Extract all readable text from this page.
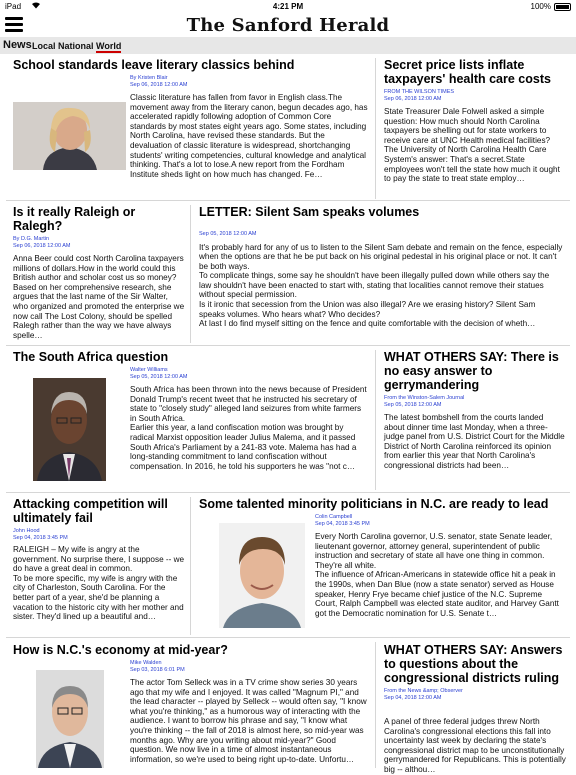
iPad	4:21 PM	100%
The Sanford Herald
News Local National World
School standards leave literary classics behind
By Kristen Blair
Sep 06, 2018 12:00 AM
Classic literature has fallen from favor in English class.The movement away from the literary canon, begun decades ago, has accelerated rapidly following adoption of Common Core standards by most states eight years ago. Some states, including North Carolina, have revised these standards. But the devaluation of classic literature is widespread, shortchanging students' writing competencies, cultural knowledge and analytical thinking. That's a lot to lose.A new report from the Fordham Institute sheds light on how much has changed. Fe…
Secret price lists inflate taxpayers' health care costs
FROM THE WILSON TIMES
Sep 06, 2018 12:00 AM
State Treasurer Dale Folwell asked a simple question: How much should North Carolina taxpayers be shelling out for state workers to receive care at UNC Health medical facilities? The University of North Carolina Health Care System's answer: That's a secret.State employees won't tell the state how much it ought to pay the state to treat state employ…
Is it really Raleigh or Ralegh?
By D.G. Martin
Sep 06, 2018 12:00 AM
Anna Beer could cost North Carolina taxpayers millions of dollars.How in the world could this British author and scholar cost us so money?Based on her comprehensive research, she argues that the last name of the Sir Walter, who organized and promoted the enterprise we now call The Lost Colony, should be spelled Ralegh rather than the way we have always spelle…
LETTER: Silent Sam speaks volumes
Sep 05, 2018 12:00 AM
It's probably hard for any of us to listen to the Silent Sam debate and remain on the fence, especially when the options are that he be put back on his original pedestal in his original place or not. It can't be both ways.
To complicate things, some say he shouldn't have been illegally pulled down while others say the law shouldn't have been enacted to start with, stating that localities cannot remove their statues without special permission.
Is it ironic that secession from the Union was also illegal? Are we erasing history? Silent Sam speaks volumes. Who hears what? Who decides?
At last I do find myself sitting on the fence and quite comfortable with the decision of wheth…
The South Africa question
Walter Williams
Sep 05, 2018 12:00 AM
South Africa has been thrown into the news because of President Donald Trump's recent tweet that he instructed his secretary of state to "closely study" alleged land seizures from white farmers in South Africa.
Earlier this year, a land confiscation motion was brought by radical Marxist opposition leader Julius Malema, and it passed South Africa's Parliament by a 241-83 vote. Malema has had a long-standing commitment to land confiscation without compensation. In 2016, he told his supporters he was "not c…
WHAT OTHERS SAY: There is no easy answer to gerrymandering
From the Winston-Salem Journal
Sep 05, 2018 12:00 AM
The latest bombshell from the courts landed about dinner time last Monday, when a three-judge panel from U.S. District Court for the Middle District of North Carolina reinforced its opinion from earlier this year that North Carolina's congressional districts had been…
Attacking competition will ultimately fail
John Hood
Sep 04, 2018 3:45 PM
RALEIGH – My wife is angry at the government. No surprise there, I suppose -- we do have a great deal in common.
To be more specific, my wife is angry with the city of Charleston, South Carolina. For the better part of a year, she'd be planning a vacation to the historic city with her mother and sister. They'd lined up a beautiful and…
Some talented minority politicians in N.C. are ready to lead
Colin Campbell
Sep 04, 2018 3:45 PM
Every North Carolina governor, U.S. senator, state Senate leader, lieutenant governor, attorney general, superintendent of public instruction and secretary of state all have one thing in common. They're all white.
The influence of African-Americans in statewide office hit a peak in the 1990s, when Dan Blue (now a state senator) served as House speaker, Henry Frye became chief justice of the N.C. Supreme Court, Ralph Campbell was elected state auditor, and Harvey Gantt got the Democratic nomination for U.S. Senate t…
How is N.C.'s economy at mid-year?
Mike Walden
Sep 03, 2018 6:01 PM
The actor Tom Selleck was in a TV crime show series 30 years ago that my wife and I enjoyed. It was called "Magnum PI," and the lead character -- played by Selleck -- would often say, "I know what you're thinking," as a humorous way of interacting with the audience. I want to borrow his phrase and say, "I know what you're thinking -- the fall of 2018 is almost here, so mid-year was months ago. Why are you writing about mid-year?" Good question. We now live in a time of almost instantaneous information, so we're used to being right up-to-date. Unfortu…
WHAT OTHERS SAY: Answers to questions about the congressional districts ruling
From the News &amp; Observer
Sep 04, 2018 12:00 AM
A panel of three federal judges threw North Carolina's congressional elections this fall into uncertainty last week by declaring the state's congressional district map to be unconstitutionally gerrymandered for Republicans. This is potentially big -- althou…
